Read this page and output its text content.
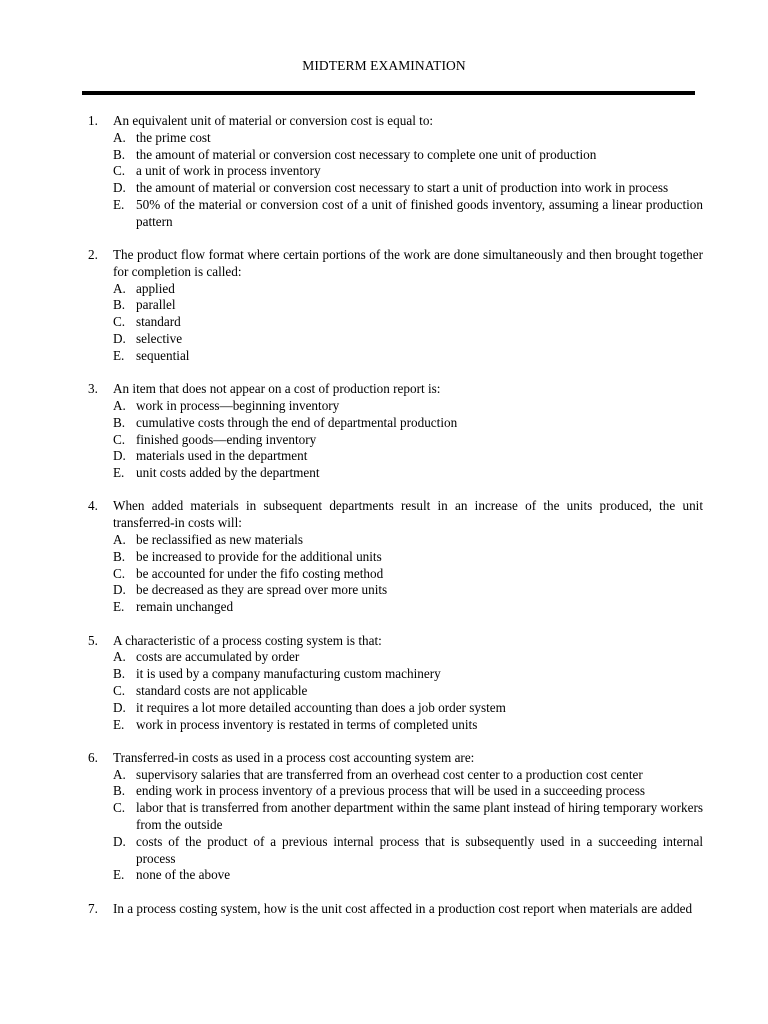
MIDTERM EXAMINATION
1. An equivalent unit of material or conversion cost is equal to:
A. the prime cost
B. the amount of material or conversion cost necessary to complete one unit of production
C. a unit of work in process inventory
D. the amount of material or conversion cost necessary to start a unit of production into work in process
E. 50% of the material or conversion cost of a unit of finished goods inventory, assuming a linear production pattern
2. The product flow format where certain portions of the work are done simultaneously and then brought together for completion is called:
A. applied
B. parallel
C. standard
D. selective
E. sequential
3. An item that does not appear on a cost of production report is:
A. work in process—beginning inventory
B. cumulative costs through the end of departmental production
C. finished goods—ending inventory
D. materials used in the department
E. unit costs added by the department
4. When added materials in subsequent departments result in an increase of the units produced, the unit transferred-in costs will:
A. be reclassified as new materials
B. be increased to provide for the additional units
C. be accounted for under the fifo costing method
D. be decreased as they are spread over more units
E. remain unchanged
5. A characteristic of a process costing system is that:
A. costs are accumulated by order
B. it is used by a company manufacturing custom machinery
C. standard costs are not applicable
D. it requires a lot more detailed accounting than does a job order system
E. work in process inventory is restated in terms of completed units
6. Transferred-in costs as used in a process cost accounting system are:
A. supervisory salaries that are transferred from an overhead cost center to a production cost center
B. ending work in process inventory of a previous process that will be used in a succeeding process
C. labor that is transferred from another department within the same plant instead of hiring temporary workers from the outside
D. costs of the product of a previous internal process that is subsequently used in a succeeding internal process
E. none of the above
7. In a process costing system, how is the unit cost affected in a production cost report when materials are added
